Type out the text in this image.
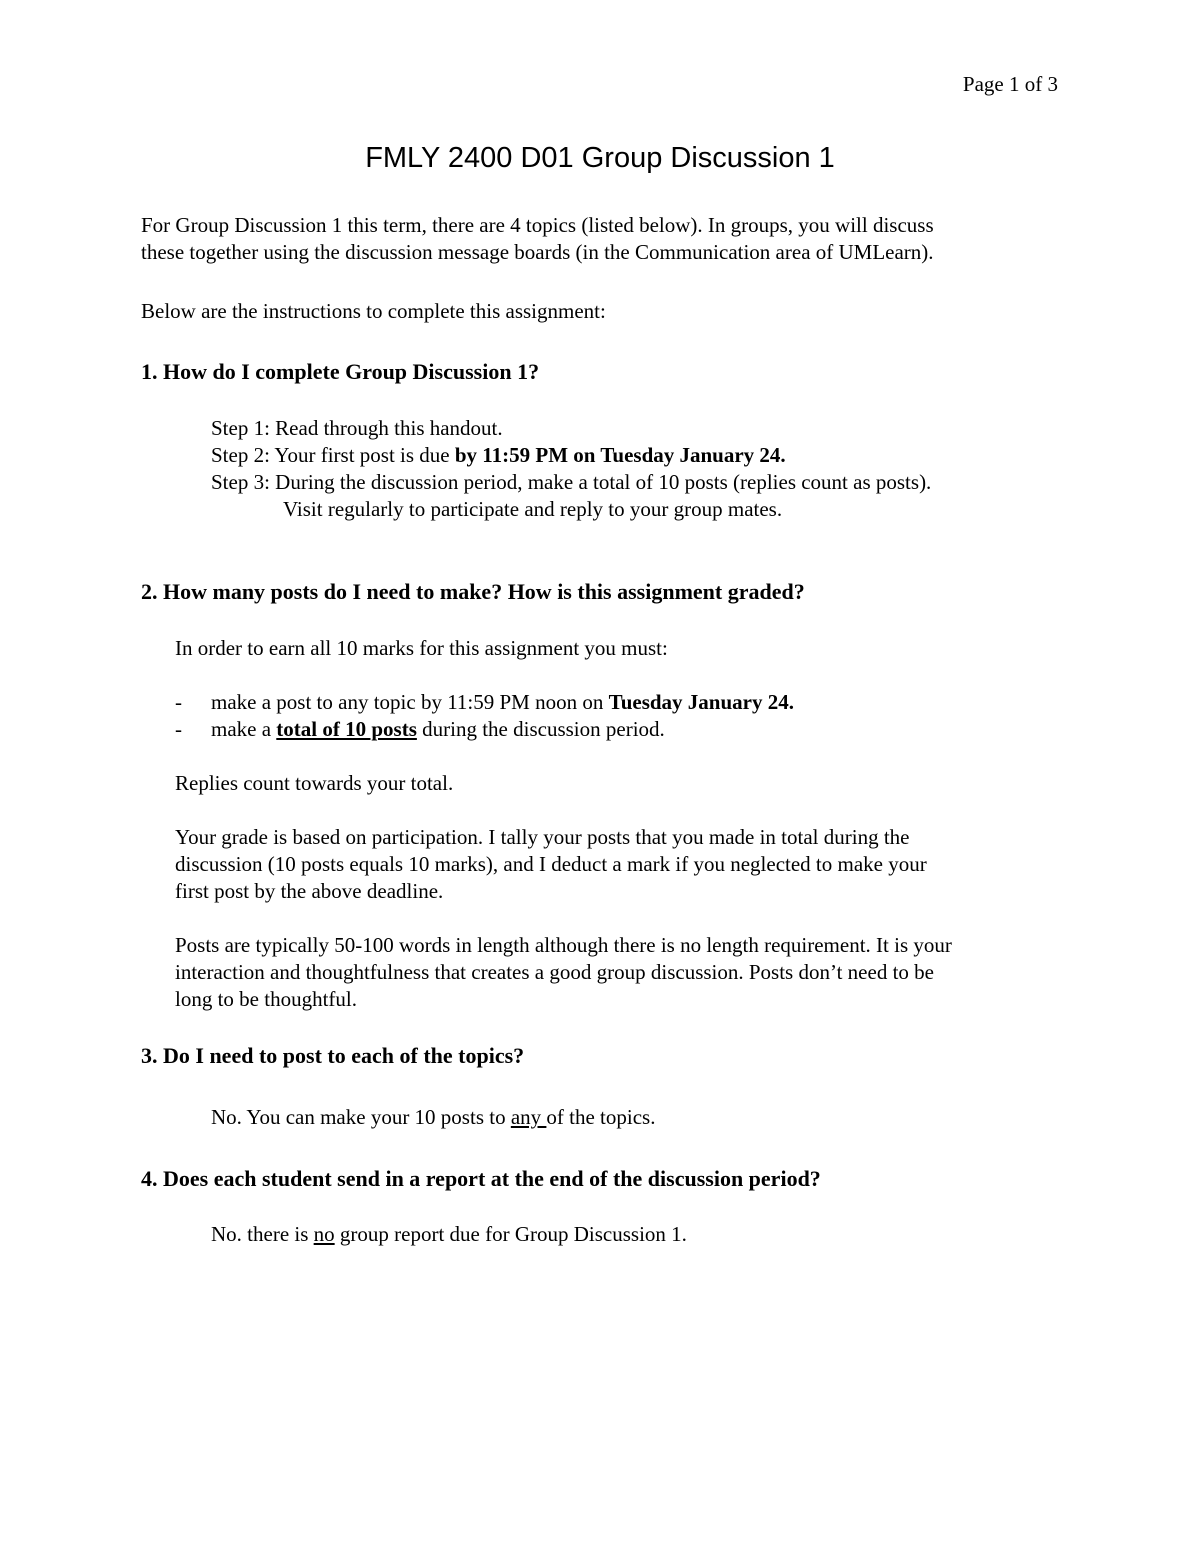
Page 1 of 3
FMLY 2400 D01 Group Discussion 1
For Group Discussion 1 this term, there are 4 topics (listed below). In groups, you will discuss
these together using the discussion message boards (in the Communication area of UMLearn).
Below are the instructions to complete this assignment:
1. How do I complete Group Discussion 1?
Step 1: Read through this handout.
Step 2: Your first post is due by 11:59 PM on Tuesday January 24.
Step 3: During the discussion period, make a total of 10 posts (replies count as posts).
Visit regularly to participate and reply to your group mates.
2. How many posts do I need to make? How is this assignment graded?
In order to earn all 10 marks for this assignment you must:
- make a post to any topic by 11:59 PM noon on Tuesday January 24.
- make a total of 10 posts during the discussion period.
Replies count towards your total.
Your grade is based on participation. I tally your posts that you made in total during the
discussion (10 posts equals 10 marks), and I deduct a mark if you neglected to make your
first post by the above deadline.
Posts are typically 50-100 words in length although there is no length requirement. It is your
interaction and thoughtfulness that creates a good group discussion. Posts don’t need to be
long to be thoughtful.
3. Do I need to post to each of the topics?
No. You can make your 10 posts to any of the topics.
4. Does each student send in a report at the end of the discussion period?
No. there is no group report due for Group Discussion 1.
